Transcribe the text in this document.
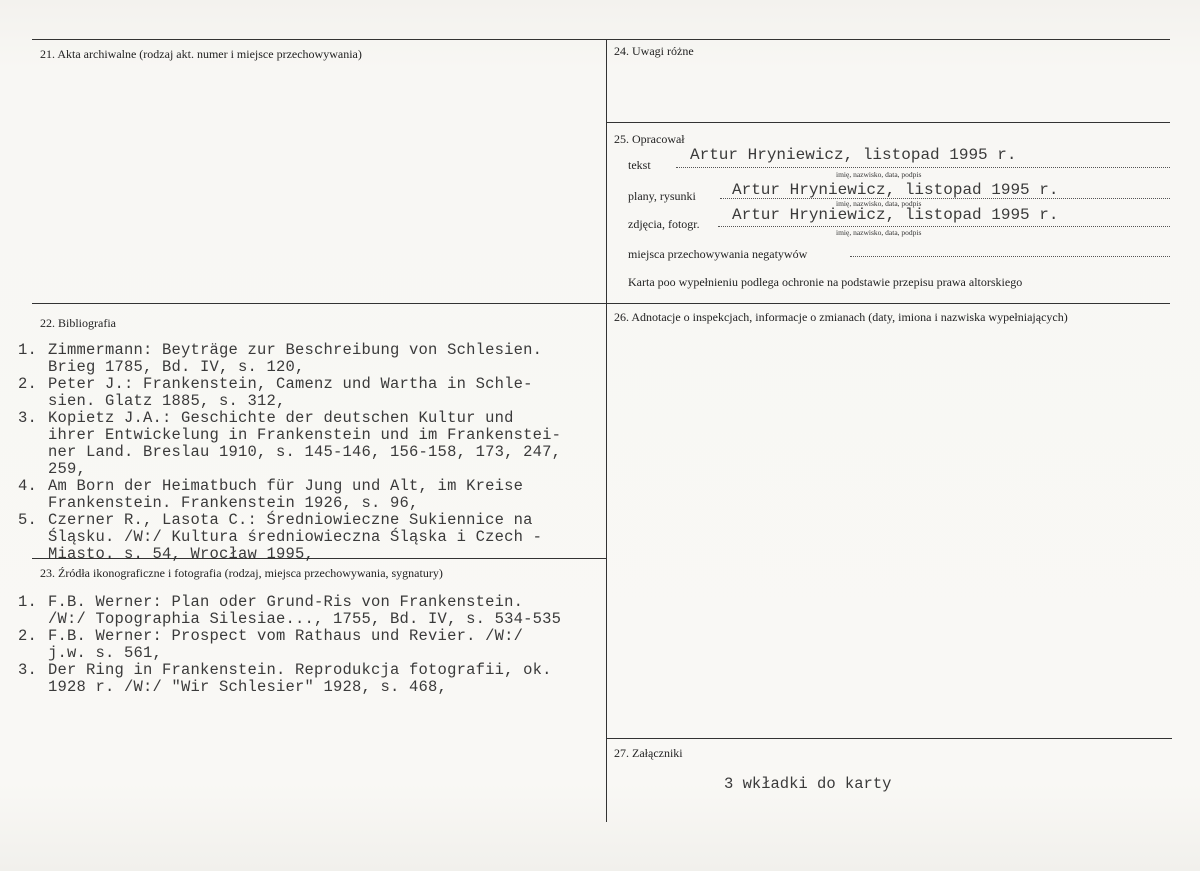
21. Akta archiwalne (rodzaj akt. numer i miejsce przechowywania)
22. Bibliografia
1. Zimmermann: Beyträge zur Beschreibung von Schlesien.
Brieg 1785, Bd. IV, s. 120,
2. Peter J.: Frankenstein, Camenz und Wartha in Schle-
sien. Glatz 1885, s. 312,
3. Kopietz J.A.: Geschichte der deutschen Kultur und
ihrer Entwickelung in Frankenstein und im Frankenstei-
ner Land. Breslau 1910, s. 145-146, 156-158, 173, 247,
259,
4. Am Born der Heimatbuch für Jung und Alt, im Kreise
Frankenstein. Frankenstein 1926, s. 96,
5. Czerner R., Lasota C.: Średniowieczne Sukiennice na
Śląsku. /W:/ Kultura średniowieczna Śląska i Czech -
Miasto. s. 54, Wrocław 1995,
23. Źródła ikonograficzne i fotografia (rodzaj, miejsca przechowywania, sygnatury)
1. F.B. Werner: Plan oder Grund-Ris von Frankenstein.
/W:/ Topographia Silesiae..., 1755, Bd. IV, s. 534-535
2. F.B. Werner: Prospect vom Rathaus und Revier. /W:/
j.w. s. 561,
3. Der Ring in Frankenstein. Reprodukcja fotografii, ok.
1928 r. /W:/ "Wir Schlesier" 1928, s. 468,
24. Uwagi różne
25. Opracował
tekst
Artur Hryniewicz, listopad 1995 r.
imię, nazwisko, data, podpis
plany, rysunki Artur Hryniewicz, listopad 1995 r.
imię, nazwisko, data, podpis
zdjęcia, fotogr. Artur Hryniewicz, listopad 1995 r.
imię, nazwisko, data, podpis
miejsca przechowywania negatywów
Karta poo wypełnieniu podlega ochronie na podstawie przepisu prawa altorskiego
26. Adnotacje o inspekcjach, informacje o zmianach (daty, imiona i nazwiska wypełniających)
27. Załączniki
3 wkładki do karty
